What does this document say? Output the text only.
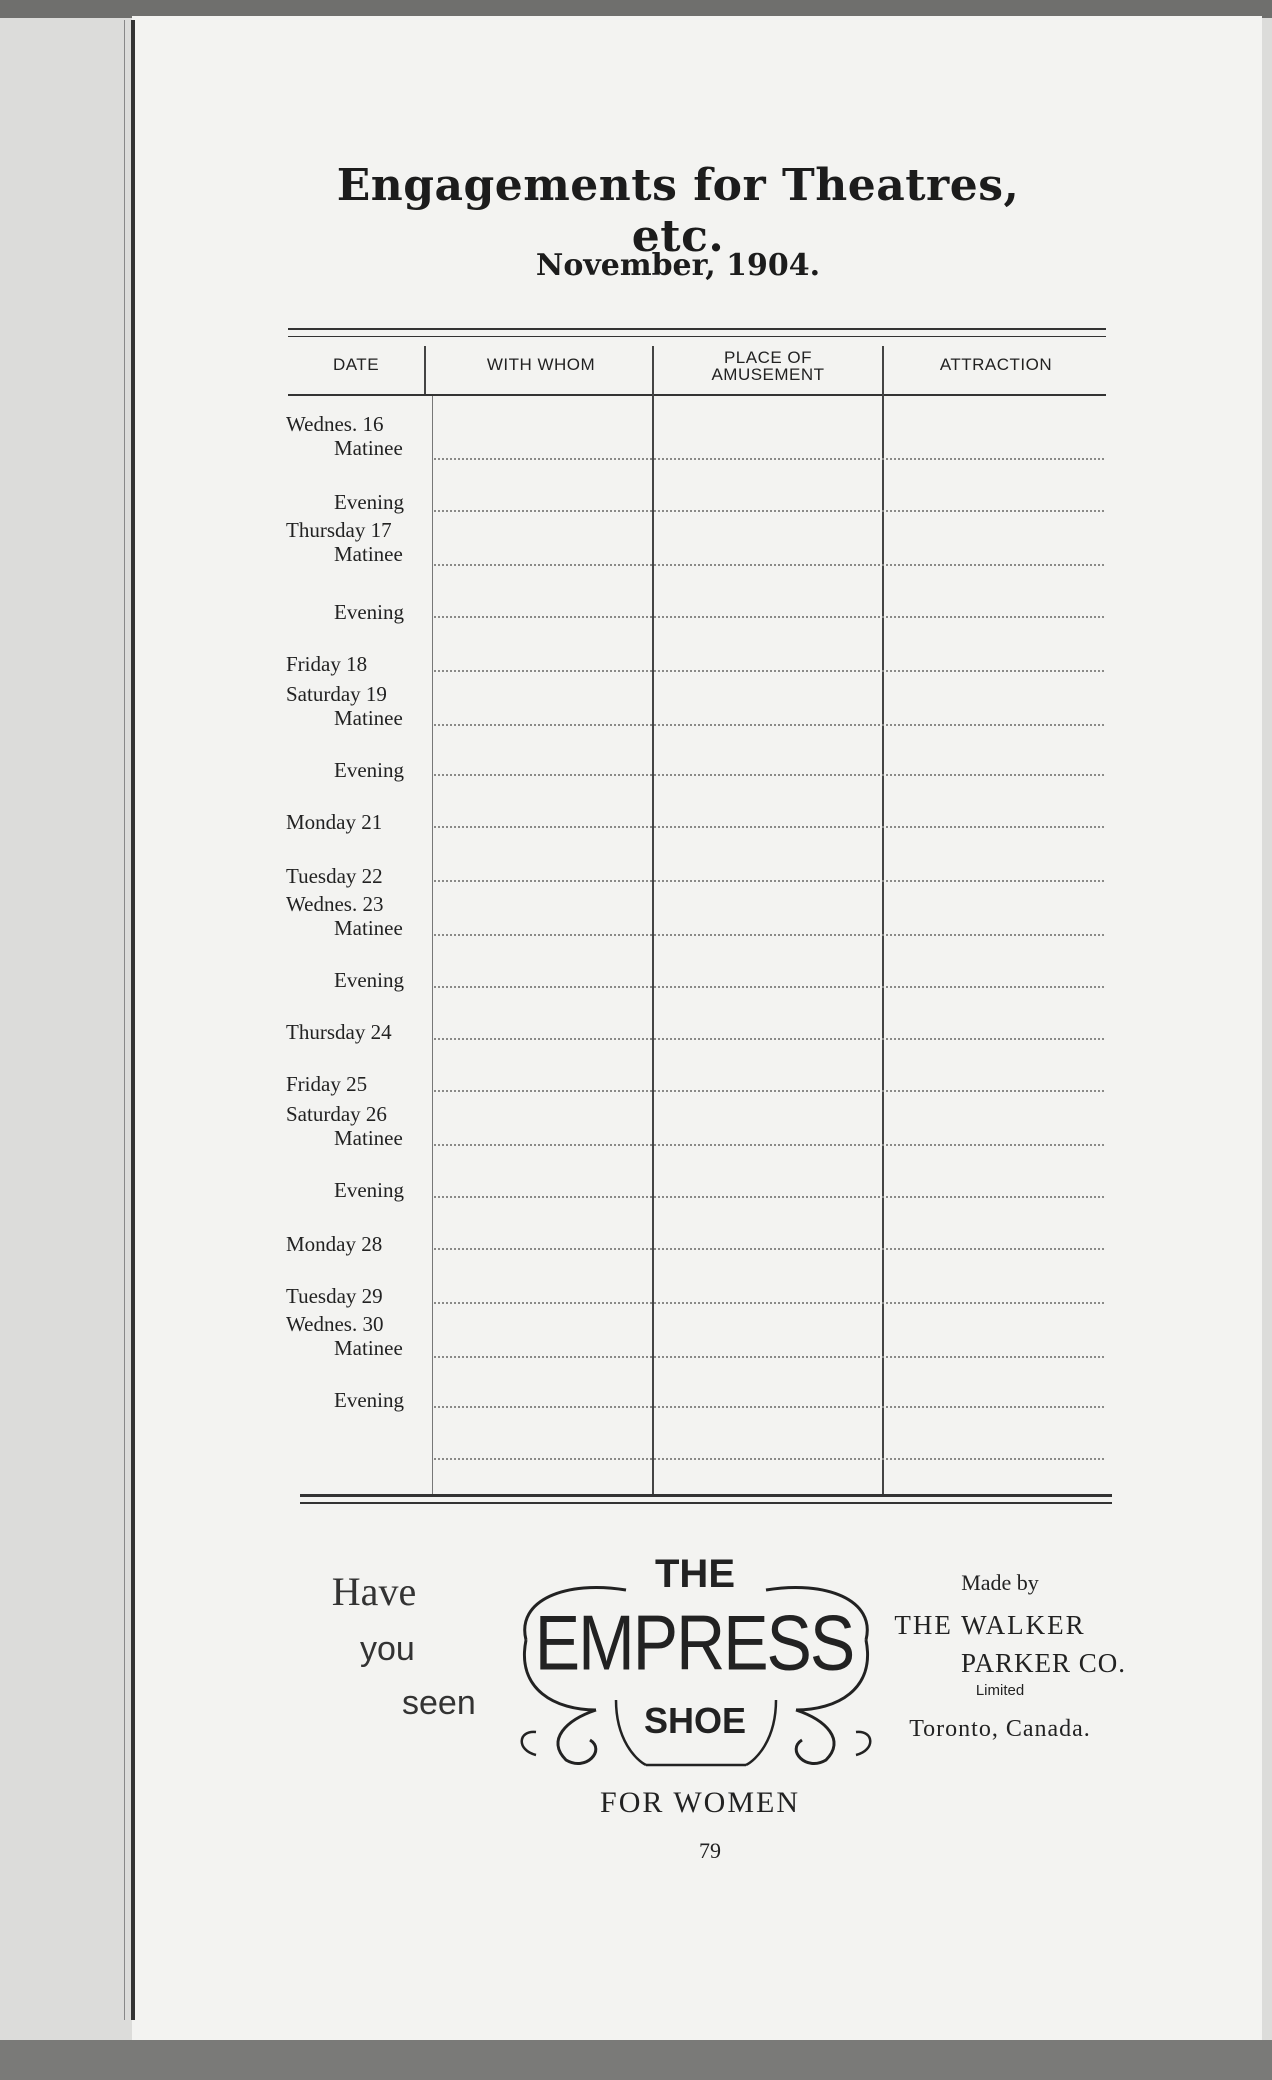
Engagements for Theatres, etc.
November, 1904.
DATE	WITH WHOM	PLACE OF
AMUSEMENT
ATTRACTION
Wednes. 16
Matinee
Evening
Thursday 17
Matinee
Evening
Friday 18
Saturday 19
Matinee
Evening
Monday 21
Tuesday 22
Wednes. 23
Matinee
Evening
Thursday 24
Friday 25
Saturday 26
Matinee
Evening
Monday 28
Tuesday 29
Wednes. 30
Matinee
Evening
Have
you
seen
THE
EMPRESS
SHOE
Made by
THE WALKER
PARKER CO.
Limited
Toronto, Canada.
FOR WOMEN
79
